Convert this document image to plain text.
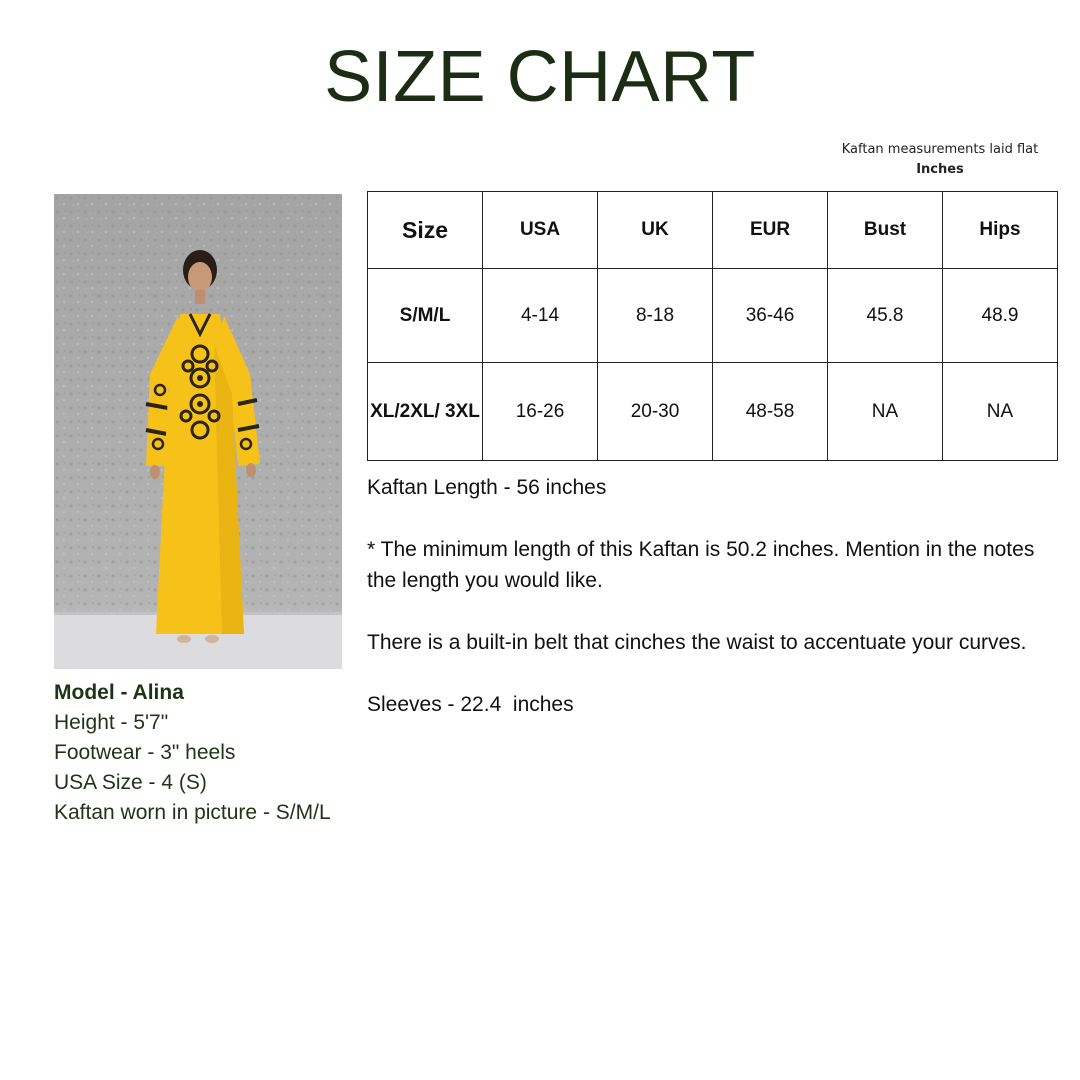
SIZE CHART
Kaftan measurements laid flat
Inches
Model - Alina
Height - 5'7"
Footwear - 3" heels
USA Size - 4 (S)
Kaftan worn in picture - S/M/L
Size	USA	UK	EUR	Bust	Hips
S/M/L	4-14	8-18	36-46	45.8	48.9
XL/2XL/ 3XL	16-26	20-30	48-58	NA	NA

Kaftan Length - 56 inches

* The minimum length of this Kaftan is 50.2 inches. Mention in the notes the length you would like.

There is a built-in belt that cinches the waist to accentuate your curves.

Sleeves - 22.4  inches
